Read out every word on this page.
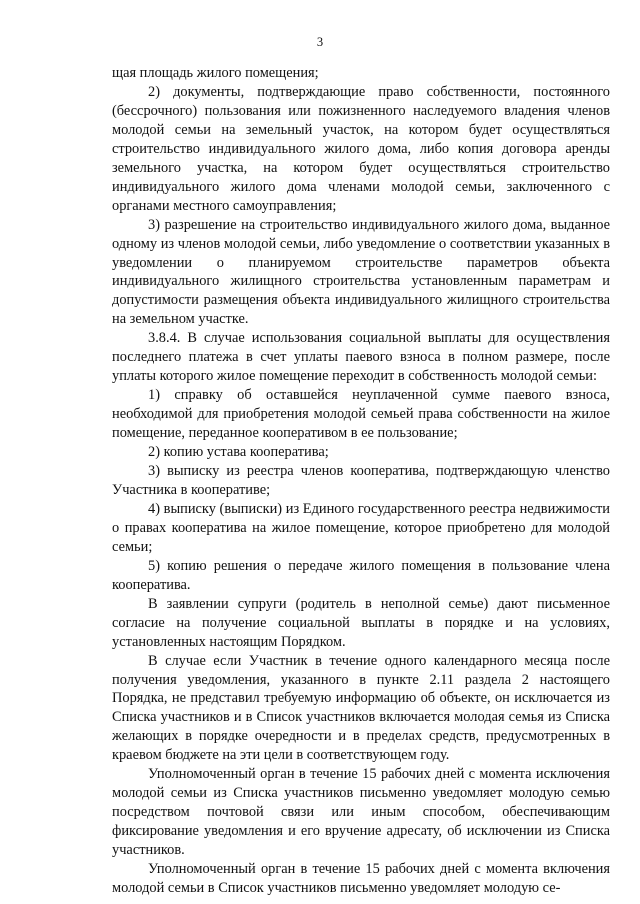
3

щая площадь жилого помещения;

2) документы, подтверждающие право собственности, постоянного (бессрочного) пользования или пожизненного наследуемого владения членов молодой семьи на земельный участок, на котором будет осуществляться строительство индивидуального жилого дома, либо копия договора аренды земельного участка, на котором будет осуществляться строительство индивидуального жилого дома членами молодой семьи, заключенного с органами местного самоуправления;

3) разрешение на строительство индивидуального жилого дома, выданное одному из членов молодой семьи, либо уведомление о соответствии указанных в уведомлении о планируемом строительстве параметров объекта индивидуального жилищного строительства установленным параметрам и допустимости размещения объекта индивидуального жилищного строительства на земельном участке.

3.8.4. В случае использования социальной выплаты для осуществления последнего платежа в счет уплаты паевого взноса в полном размере, после уплаты которого жилое помещение переходит в собственность молодой семьи:

1) справку об оставшейся неуплаченной сумме паевого взноса, необходимой для приобретения молодой семьей права собственности на жилое помещение, переданное кооперативом в ее пользование;

2) копию устава кооператива;

3) выписку из реестра членов кооператива, подтверждающую членство Участника в кооперативе;

4) выписку (выписки) из Единого государственного реестра недвижимости о правах кооператива на жилое помещение, которое приобретено для молодой семьи;

5) копию решения о передаче жилого помещения в пользование члена кооператива.

В заявлении супруги (родитель в неполной семье) дают письменное согласие на получение социальной выплаты в порядке и на условиях, установленных настоящим Порядком.

В случае если Участник в течение одного календарного месяца после получения уведомления, указанного в пункте 2.11 раздела 2 настоящего Порядка, не представил требуемую информацию об объекте, он исключается из Списка участников и в Список участников включается молодая семья из Списка желающих в порядке очередности и в пределах средств, предусмотренных в краевом бюджете на эти цели в соответствующем году.

Уполномоченный орган в течение 15 рабочих дней с момента исключения молодой семьи из Списка участников письменно уведомляет молодую семью посредством почтовой связи или иным способом, обеспечивающим фиксирование уведомления и его вручение адресату, об исключении из Списка участников.

Уполномоченный орган в течение 15 рабочих дней с момента включения молодой семьи в Список участников письменно уведомляет молодую се-
